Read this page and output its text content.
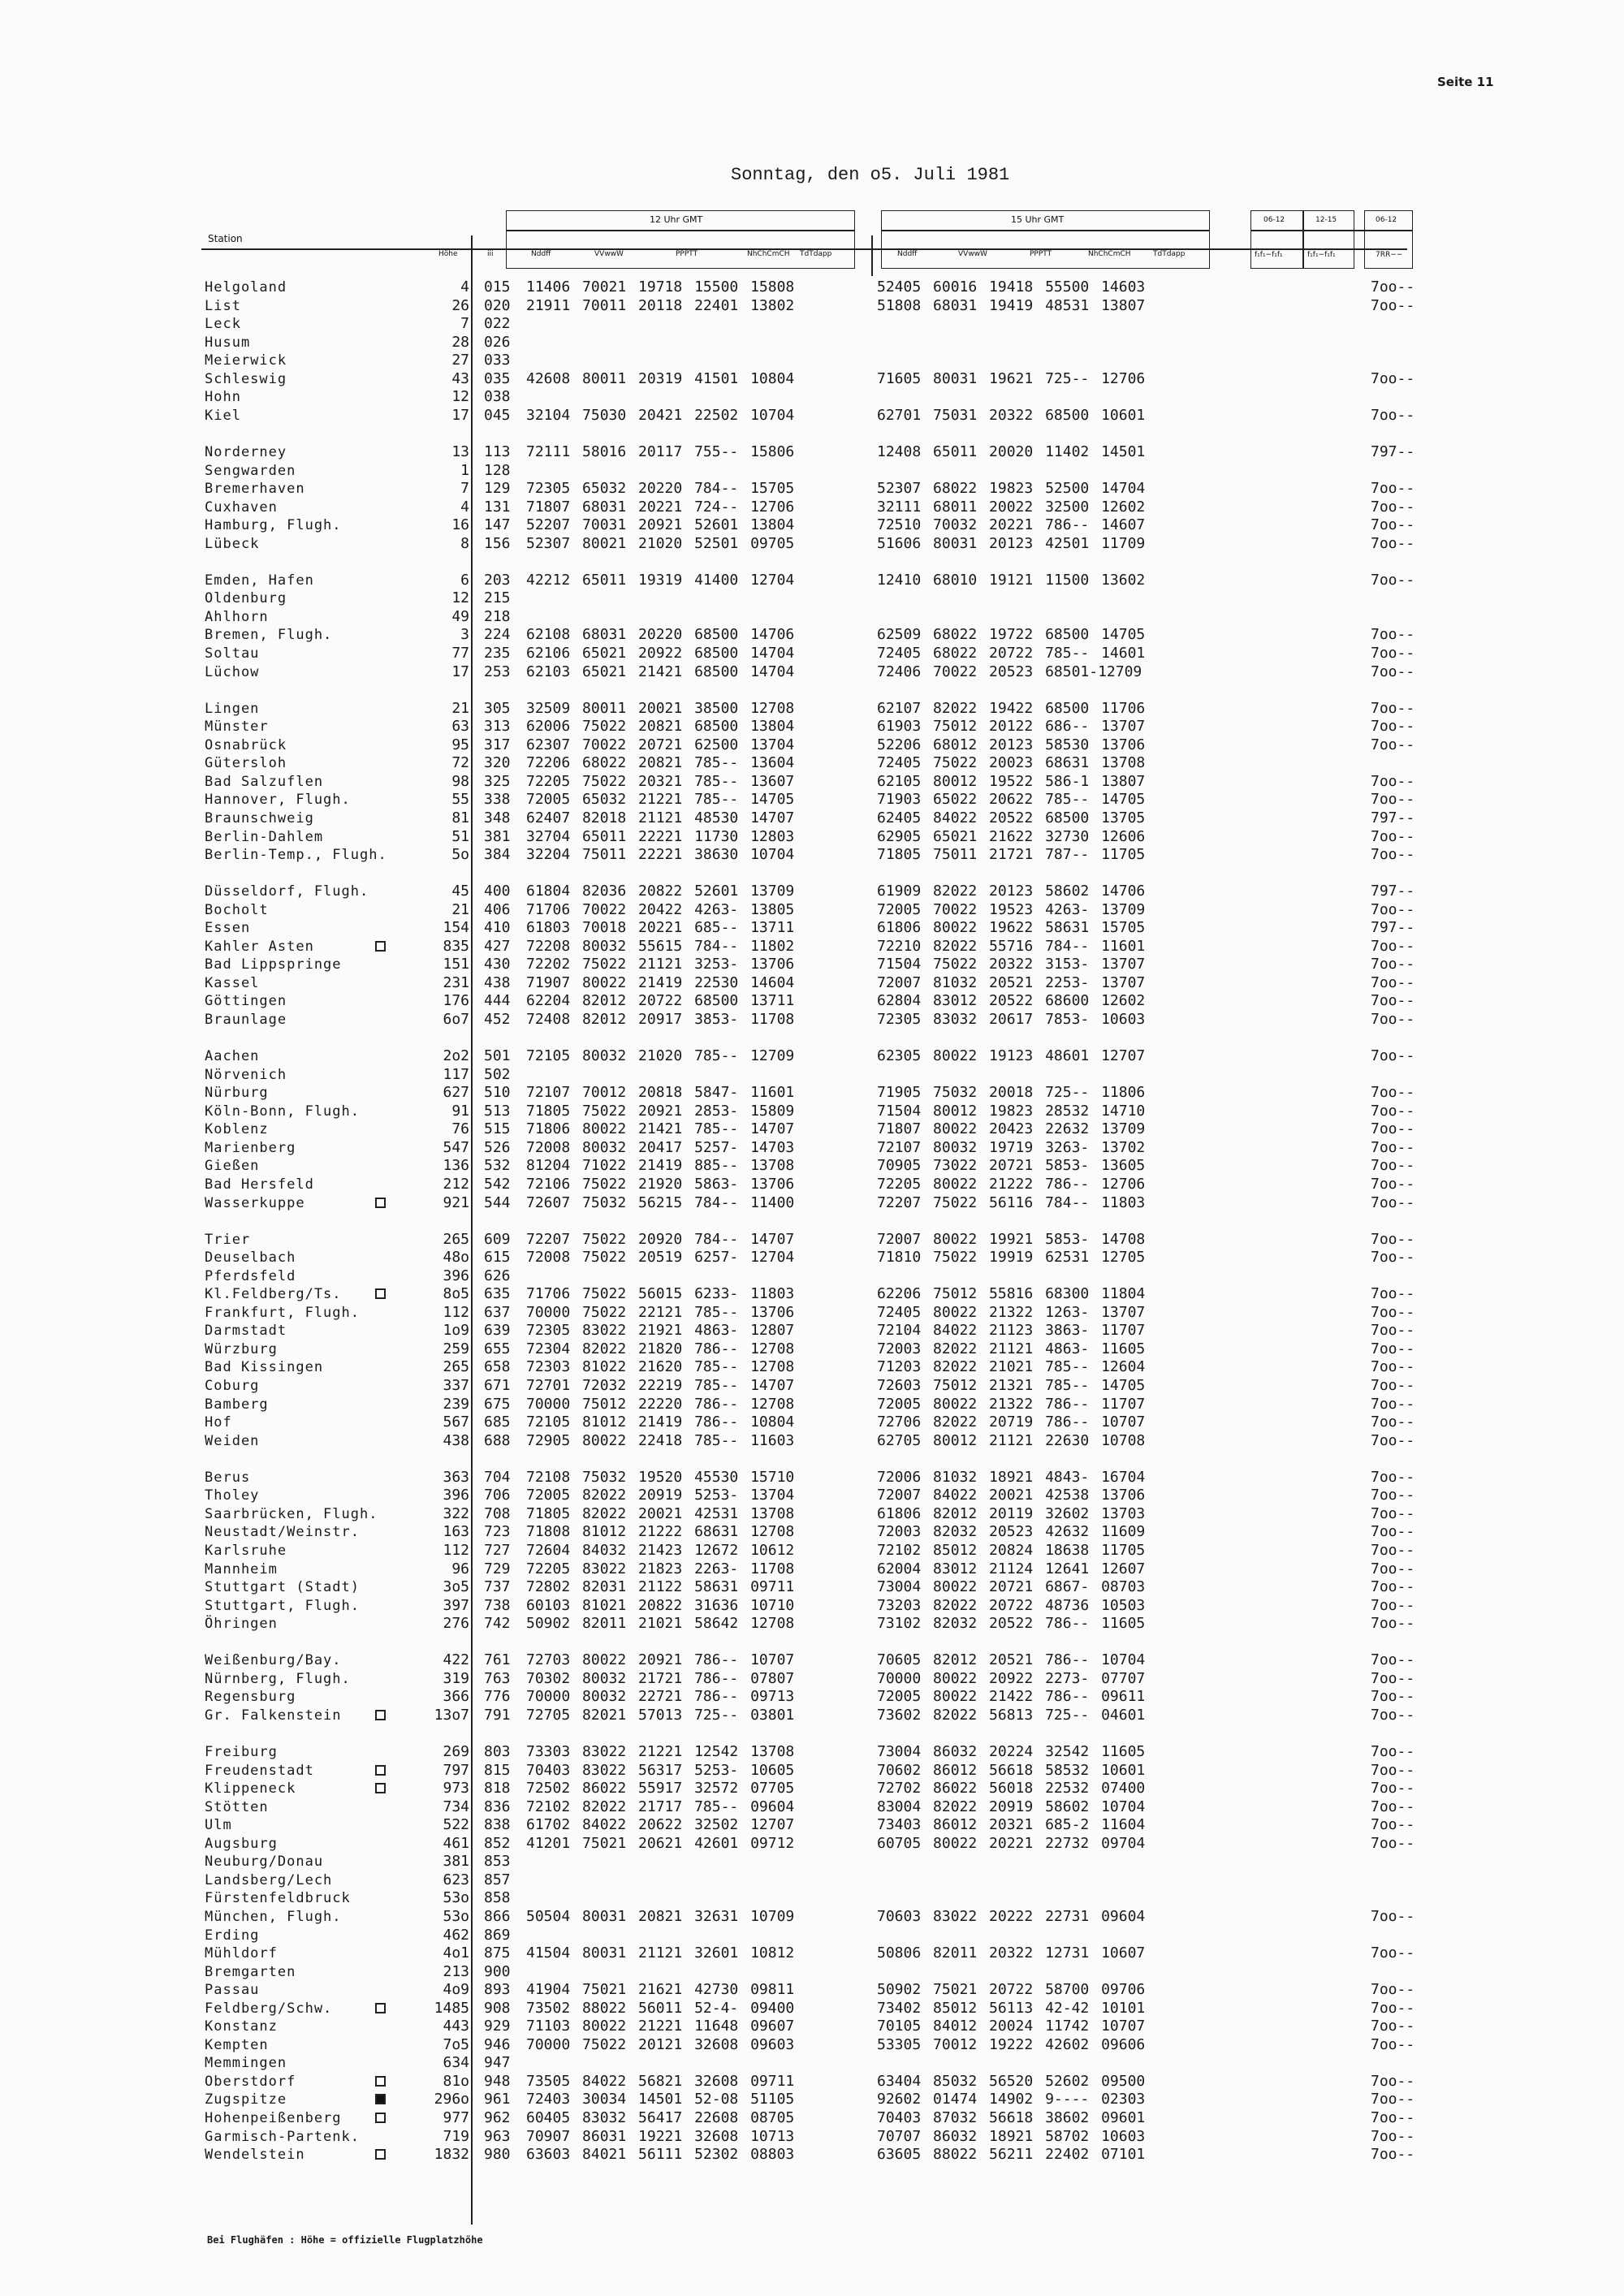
Seite 11
Sonntag, den o5. Juli 1981
Station
Höhe	iii
12 Uhr GMT	15 Uhr GMT	06-12	12-15	06-12
f₁f₁−f₁f₁	f₁f₁−f₁f₁	7RR−−
Nddff	VVwwW	PPPTT	NhChCmCH TdTdapp	Nddff	VVwwW	PPPTT	NhChCmCH	TdTdapp
Helgoland	4 015 11406 70021 19718 15500 15808	52405 60016 19418 55500 14603	7oo--
List	26 020 21911 70011 20118 22401 13802	51808 68031 19419 48531 13807	7oo--
Leck	7 022
Husum	28 026
Meierwick	27 033
Schleswig	43 035 42608 80011 20319 41501 10804	71605 80031 19621 725-- 12706	7oo--
Hohn	12 038
Kiel	17 045 32104 75030 20421 22502 10704	62701 75031 20322 68500 10601	7oo--
Norderney	13 113 72111 58016 20117 755-- 15806	12408 65011 20020 11402 14501	797--
Sengwarden	1 128
Bremerhaven	7 129 72305 65032 20220 784-- 15705	52307 68022 19823 52500 14704	7oo--
Cuxhaven	4 131 71807 68031 20221 724-- 12706	32111 68011 20022 32500 12602	7oo--
Hamburg, Flugh.	16 147 52207 70031 20921 52601 13804	72510 70032 20221 786-- 14607	7oo--
Lübeck	8 156 52307 80021 21020 52501 09705	51606 80031 20123 42501 11709	7oo--
Emden, Hafen	6 203 42212 65011 19319 41400 12704	12410 68010 19121 11500 13602	7oo--
Oldenburg	12 215
Ahlhorn	49 218
Bremen, Flugh.	3 224 62108 68031 20220 68500 14706	62509 68022 19722 68500 14705	7oo--
Soltau	77 235 62106 65021 20922 68500 14704	72405 68022 20722 785-- 14601	7oo--
Lüchow	17 253 62103 65021 21421 68500 14704	72406 70022 20523 68501-12709	7oo--
Lingen	21 305 32509 80011 20021 38500 12708	62107 82022 19422 68500 11706	7oo--
Münster	63 313 62006 75022 20821 68500 13804	61903 75012 20122 686-- 13707	7oo--
Osnabrück	95 317 62307 70022 20721 62500 13704	52206 68012 20123 58530 13706	7oo--
Gütersloh	72 320 72206 68022 20821 785-- 13604	72405 75022 20023 68631 13708
Bad Salzuflen	98 325 72205 75022 20321 785-- 13607	62105 80012 19522 586-1 13807	7oo--
Hannover, Flugh.	55 338 72005 65032 21221 785-- 14705	71903 65022 20622 785-- 14705	7oo--
Braunschweig	81 348 62407 82018 21121 48530 14707	62405 84022 20522 68500 13705	797--
Berlin-Dahlem	51 381 32704 65011 22221 11730 12803	62905 65021 21622 32730 12606	7oo--
Berlin-Temp., Flugh.	5o 384 32204 75011 22221 38630 10704	71805 75011 21721 787-- 11705	7oo--
Düsseldorf, Flugh.	45 400 61804 82036 20822 52601 13709	61909 82022 20123 58602 14706	797--
Bocholt	21 406 71706 70022 20422 4263- 13805	72005 70022 19523 4263- 13709	7oo--
Essen	154 410 61803 70018 20221 685-- 13711	61806 80022 19622 58631 15705	797--
Kahler Asten	835 427 72208 80032 55615 784-- 11802	72210 82022 55716 784-- 11601	7oo--
Bad Lippspringe	151 430 72202 75022 21121 3253- 13706	71504 75022 20322 3153- 13707	7oo--
Kassel	231 438 71907 80022 21419 22530 14604	72007 81032 20521 2253- 13707	7oo--
Göttingen	176 444 62204 82012 20722 68500 13711	62804 83012 20522 68600 12602	7oo--
Braunlage	6o7 452 72408 82012 20917 3853- 11708	72305 83032 20617 7853- 10603	7oo--
Aachen	2o2 501 72105 80032 21020 785-- 12709	62305 80022 19123 48601 12707	7oo--
Nörvenich	117 502
Nürburg	627 510 72107 70012 20818 5847- 11601	71905 75032 20018 725-- 11806	7oo--
Köln-Bonn, Flugh.	91 513 71805 75022 20921 2853- 15809	71504 80012 19823 28532 14710	7oo--
Koblenz	76 515 71806 80022 21421 785-- 14707	71807 80022 20423 22632 13709	7oo--
Marienberg	547 526 72008 80032 20417 5257- 14703	72107 80032 19719 3263- 13702	7oo--
Gießen	136 532 81204 71022 21419 885-- 13708	70905 73022 20721 5853- 13605	7oo--
Bad Hersfeld	212 542 72106 75022 21920 5863- 13706	72205 80022 21222 786-- 12706	7oo--
Wasserkuppe	921 544 72607 75032 56215 784-- 11400	72207 75022 56116 784-- 11803	7oo--
Trier	265 609 72207 75022 20920 784-- 14707	72007 80022 19921 5853- 14708	7oo--
Deuselbach	48o 615 72008 75022 20519 6257- 12704	71810 75022 19919 62531 12705	7oo--
Pferdsfeld	396 626
Kl.Feldberg/Ts.	8o5 635 71706 75022 56015 6233- 11803	62206 75012 55816 68300 11804	7oo--
Frankfurt, Flugh.	112 637 70000 75022 22121 785-- 13706	72405 80022 21322 1263- 13707	7oo--
Darmstadt	1o9 639 72305 83022 21921 4863- 12807	72104 84022 21123 3863- 11707	7oo--
Würzburg	259 655 72304 82022 21820 786-- 12708	72003 82022 21121 4863- 11605	7oo--
Bad Kissingen	265 658 72303 81022 21620 785-- 12708	71203 82022 21021 785-- 12604	7oo--
Coburg	337 671 72701 72032 22219 785-- 14707	72603 75012 21321 785-- 14705	7oo--
Bamberg	239 675 70000 75012 22220 786-- 12708	72005 80022 21322 786-- 11707	7oo--
Hof	567 685 72105 81012 21419 786-- 10804	72706 82022 20719 786-- 10707	7oo--
Weiden	438 688 72905 80022 22418 785-- 11603	62705 80012 21121 22630 10708	7oo--
Berus	363 704 72108 75032 19520 45530 15710	72006 81032 18921 4843- 16704	7oo--
Tholey	396 706 72005 82022 20919 5253- 13704	72007 84022 20021 42538 13706	7oo--
Saarbrücken, Flugh.	322 708 71805 82022 20021 42531 13708	61806 82012 20119 32602 13703	7oo--
Neustadt/Weinstr.	163 723 71808 81012 21222 68631 12708	72003 82032 20523 42632 11609	7oo--
Karlsruhe	112 727 72604 84032 21423 12672 10612	72102 85012 20824 18638 11705	7oo--
Mannheim	96 729 72205 83022 21823 2263- 11708	62004 83012 21124 12641 12607	7oo--
Stuttgart (Stadt)	3o5 737 72802 82031 21122 58631 09711	73004 80022 20721 6867- 08703	7oo--
Stuttgart, Flugh.	397 738 60103 81021 20822 31636 10710	73203 82022 20722 48736 10503	7oo--
Öhringen	276 742 50902 82011 21021 58642 12708	73102 82032 20522 786-- 11605	7oo--
Weißenburg/Bay.	422 761 72703 80022 20921 786-- 10707	70605 82012 20521 786-- 10704	7oo--
Nürnberg, Flugh.	319 763 70302 80032 21721 786-- 07807	70000 80022 20922 2273- 07707	7oo--
Regensburg	366 776 70000 80032 22721 786-- 09713	72005 80022 21422 786-- 09611	7oo--
Gr. Falkenstein	13o7 791 72705 82021 57013 725-- 03801	73602 82022 56813 725-- 04601	7oo--
Freiburg	269 803 73303 83022 21221 12542 13708	73004 86032 20224 32542 11605	7oo--
Freudenstadt	797 815 70403 83022 56317 5253- 10605	70602 86012 56618 58532 10601	7oo--
Klippeneck	973 818 72502 86022 55917 32572 07705	72702 86022 56018 22532 07400	7oo--
Stötten	734 836 72102 82022 21717 785-- 09604	83004 82022 20919 58602 10704	7oo--
Ulm	522 838 61702 84022 20622 32502 12707	73403 86012 20321 685-2 11604	7oo--
Augsburg	461 852 41201 75021 20621 42601 09712	60705 80022 20221 22732 09704	7oo--
Neuburg/Donau	381 853
Landsberg/Lech	623 857
Fürstenfeldbruck	53o 858
München, Flugh.	53o 866 50504 80031 20821 32631 10709	70603 83022 20222 22731 09604	7oo--
Erding	462 869
Mühldorf	4o1 875 41504 80031 21121 32601 10812	50806 82011 20322 12731 10607	7oo--
Bremgarten	213 900
Passau	4o9 893 41904 75021 21621 42730 09811	50902 75021 20722 58700 09706	7oo--
Feldberg/Schw.	1485 908 73502 88022 56011 52-4- 09400	73402 85012 56113 42-42 10101	7oo--
Konstanz	443 929 71103 80022 21221 11648 09607	70105 84012 20024 11742 10707	7oo--
Kempten	7o5 946 70000 75022 20121 32608 09603	53305 70012 19222 42602 09606	7oo--
Memmingen	634 947
Oberstdorf	81o 948 73505 84022 56821 32608 09711	63404 85032 56520 52602 09500	7oo--
Zugspitze	296o 961 72403 30034 14501 52-08 51105	92602 01474 14902 9---- 02303	7oo--
Hohenpeißenberg	977 962 60405 83032 56417 22608 08705	70403 87032 56618 38602 09601	7oo--
Garmisch-Partenk.	719 963 70907 86031 19221 32608 10713	70707 86032 18921 58702 10603	7oo--
Wendelstein	1832 980 63603 84021 56111 52302 08803	63605 88022 56211 22402 07101	7oo--
Bei Flughäfen : Höhe = offizielle Flugplatzhöhe
